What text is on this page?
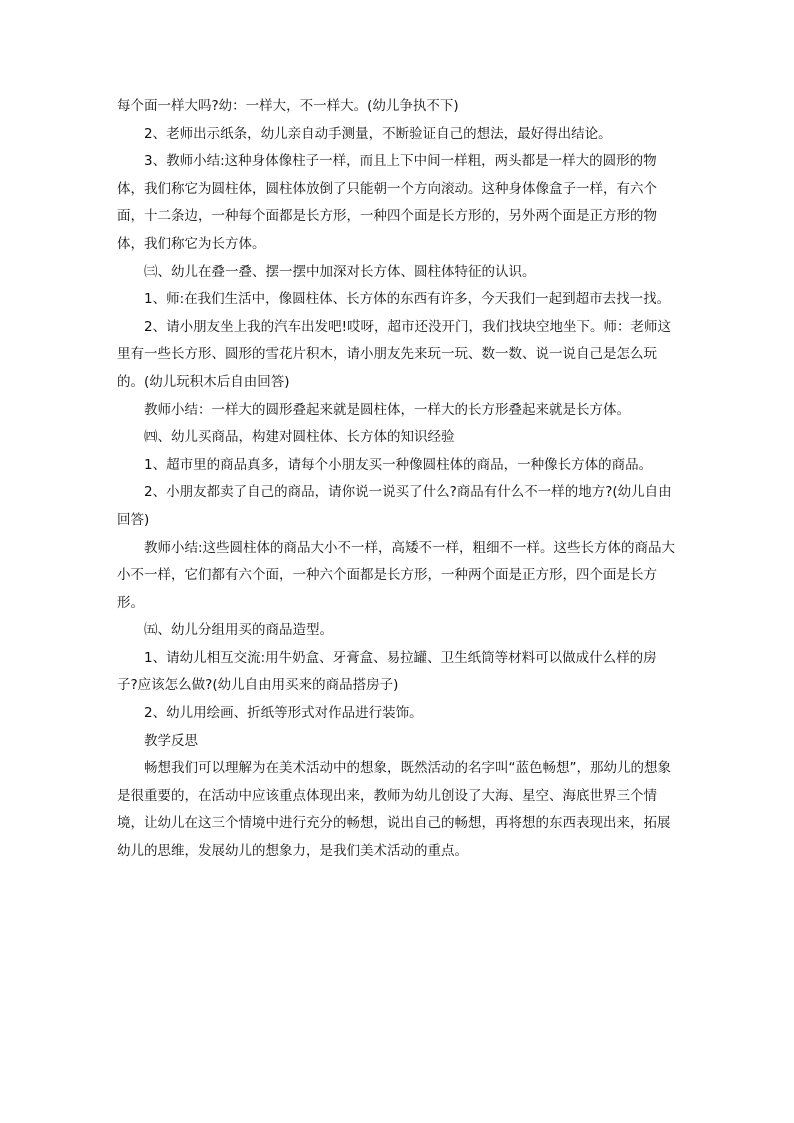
每个面一样大吗?幼：一样大，不一样大。(幼儿争执不下)

2、老师出示纸条，幼儿亲自动手测量，不断验证自己的想法，最好得出结论。

3、教师小结:这种身体像柱子一样，而且上下中间一样粗，两头都是一样大的圆形的物体，我们称它为圆柱体，圆柱体放倒了只能朝一个方向滚动。这种身体像盒子一样，有六个面，十二条边，一种每个面都是长方形，一种四个面是长方形的，另外两个面是正方形的物体，我们称它为长方体。

㈢、幼儿在叠一叠、摆一摆中加深对长方体、圆柱体特征的认识。

1、师:在我们生活中，像圆柱体、长方体的东西有许多，今天我们一起到超市去找一找。

2、请小朋友坐上我的汽车出发吧!哎呀，超市还没开门，我们找块空地坐下。师：老师这里有一些长方形、圆形的雪花片积木，请小朋友先来玩一玩、数一数、说一说自己是怎么玩的。(幼儿玩积木后自由回答)

教师小结：一样大的圆形叠起来就是圆柱体，一样大的长方形叠起来就是长方体。

㈣、幼儿买商品，构建对圆柱体、长方体的知识经验

1、超市里的商品真多，请每个小朋友买一种像圆柱体的商品，一种像长方体的商品。

2、小朋友都卖了自己的商品，请你说一说买了什么?商品有什么不一样的地方?(幼儿自由回答)

教师小结:这些圆柱体的商品大小不一样，高矮不一样，粗细不一样。这些长方体的商品大小不一样，它们都有六个面，一种六个面都是长方形，一种两个面是正方形，四个面是长方形。

㈤、幼儿分组用买的商品造型。

1、请幼儿相互交流:用牛奶盒、牙膏盒、易拉罐、卫生纸筒等材料可以做成什么样的房子?应该怎么做?(幼儿自由用买来的商品搭房子)

2、幼儿用绘画、折纸等形式对作品进行装饰。

教学反思

畅想我们可以理解为在美术活动中的想象，既然活动的名字叫“蓝色畅想”，那幼儿的想象是很重要的，在活动中应该重点体现出来，教师为幼儿创设了大海、星空、海底世界三个情境，让幼儿在这三个情境中进行充分的畅想，说出自己的畅想，再将想的东西表现出来，拓展幼儿的思维，发展幼儿的想象力，是我们美术活动的重点。
